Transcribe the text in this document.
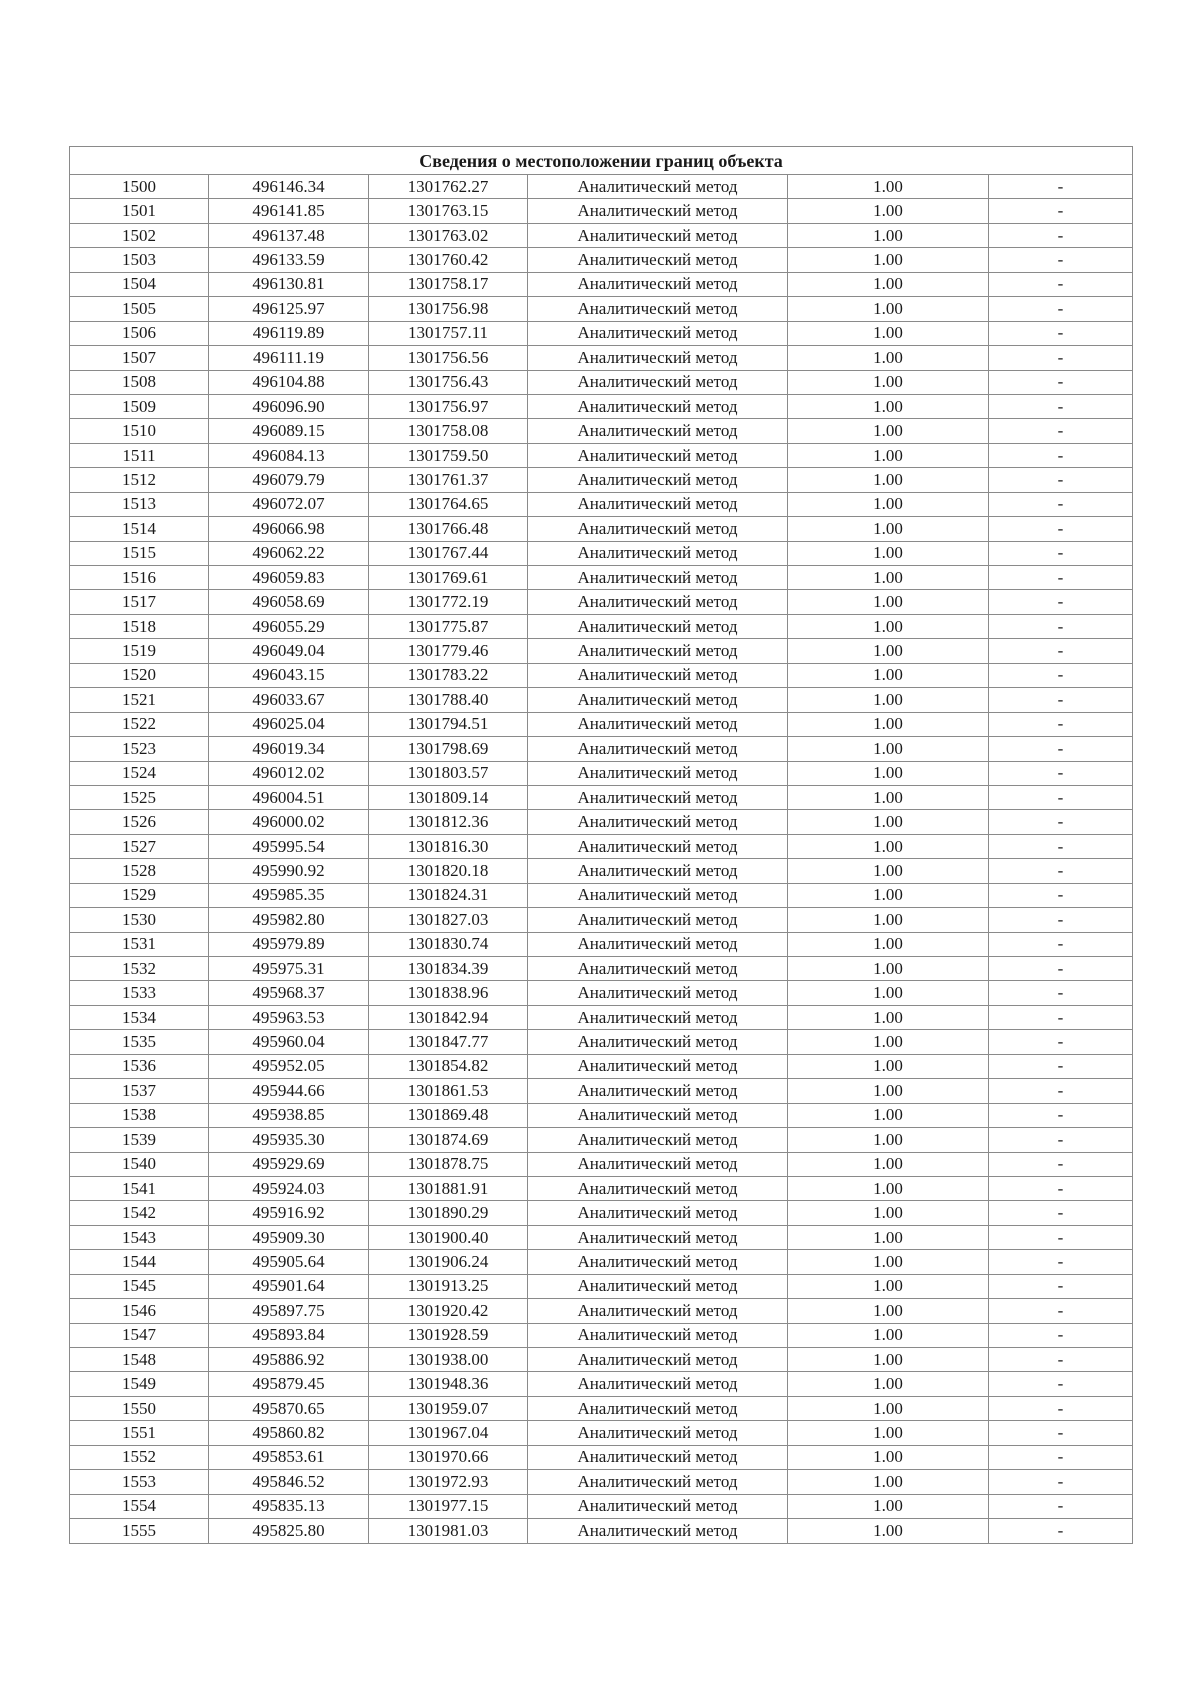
Сведения о местоположении границ объекта					
1500	496146.34	1301762.27	Аналитический метод	1.00	-
1501	496141.85	1301763.15	Аналитический метод	1.00	-
1502	496137.48	1301763.02	Аналитический метод	1.00	-
1503	496133.59	1301760.42	Аналитический метод	1.00	-
1504	496130.81	1301758.17	Аналитический метод	1.00	-
1505	496125.97	1301756.98	Аналитический метод	1.00	-
1506	496119.89	1301757.11	Аналитический метод	1.00	-
1507	496111.19	1301756.56	Аналитический метод	1.00	-
1508	496104.88	1301756.43	Аналитический метод	1.00	-
1509	496096.90	1301756.97	Аналитический метод	1.00	-
1510	496089.15	1301758.08	Аналитический метод	1.00	-
1511	496084.13	1301759.50	Аналитический метод	1.00	-
1512	496079.79	1301761.37	Аналитический метод	1.00	-
1513	496072.07	1301764.65	Аналитический метод	1.00	-
1514	496066.98	1301766.48	Аналитический метод	1.00	-
1515	496062.22	1301767.44	Аналитический метод	1.00	-
1516	496059.83	1301769.61	Аналитический метод	1.00	-
1517	496058.69	1301772.19	Аналитический метод	1.00	-
1518	496055.29	1301775.87	Аналитический метод	1.00	-
1519	496049.04	1301779.46	Аналитический метод	1.00	-
1520	496043.15	1301783.22	Аналитический метод	1.00	-
1521	496033.67	1301788.40	Аналитический метод	1.00	-
1522	496025.04	1301794.51	Аналитический метод	1.00	-
1523	496019.34	1301798.69	Аналитический метод	1.00	-
1524	496012.02	1301803.57	Аналитический метод	1.00	-
1525	496004.51	1301809.14	Аналитический метод	1.00	-
1526	496000.02	1301812.36	Аналитический метод	1.00	-
1527	495995.54	1301816.30	Аналитический метод	1.00	-
1528	495990.92	1301820.18	Аналитический метод	1.00	-
1529	495985.35	1301824.31	Аналитический метод	1.00	-
1530	495982.80	1301827.03	Аналитический метод	1.00	-
1531	495979.89	1301830.74	Аналитический метод	1.00	-
1532	495975.31	1301834.39	Аналитический метод	1.00	-
1533	495968.37	1301838.96	Аналитический метод	1.00	-
1534	495963.53	1301842.94	Аналитический метод	1.00	-
1535	495960.04	1301847.77	Аналитический метод	1.00	-
1536	495952.05	1301854.82	Аналитический метод	1.00	-
1537	495944.66	1301861.53	Аналитический метод	1.00	-
1538	495938.85	1301869.48	Аналитический метод	1.00	-
1539	495935.30	1301874.69	Аналитический метод	1.00	-
1540	495929.69	1301878.75	Аналитический метод	1.00	-
1541	495924.03	1301881.91	Аналитический метод	1.00	-
1542	495916.92	1301890.29	Аналитический метод	1.00	-
1543	495909.30	1301900.40	Аналитический метод	1.00	-
1544	495905.64	1301906.24	Аналитический метод	1.00	-
1545	495901.64	1301913.25	Аналитический метод	1.00	-
1546	495897.75	1301920.42	Аналитический метод	1.00	-
1547	495893.84	1301928.59	Аналитический метод	1.00	-
1548	495886.92	1301938.00	Аналитический метод	1.00	-
1549	495879.45	1301948.36	Аналитический метод	1.00	-
1550	495870.65	1301959.07	Аналитический метод	1.00	-
1551	495860.82	1301967.04	Аналитический метод	1.00	-
1552	495853.61	1301970.66	Аналитический метод	1.00	-
1553	495846.52	1301972.93	Аналитический метод	1.00	-
1554	495835.13	1301977.15	Аналитический метод	1.00	-
1555	495825.80	1301981.03	Аналитический метод	1.00	-
